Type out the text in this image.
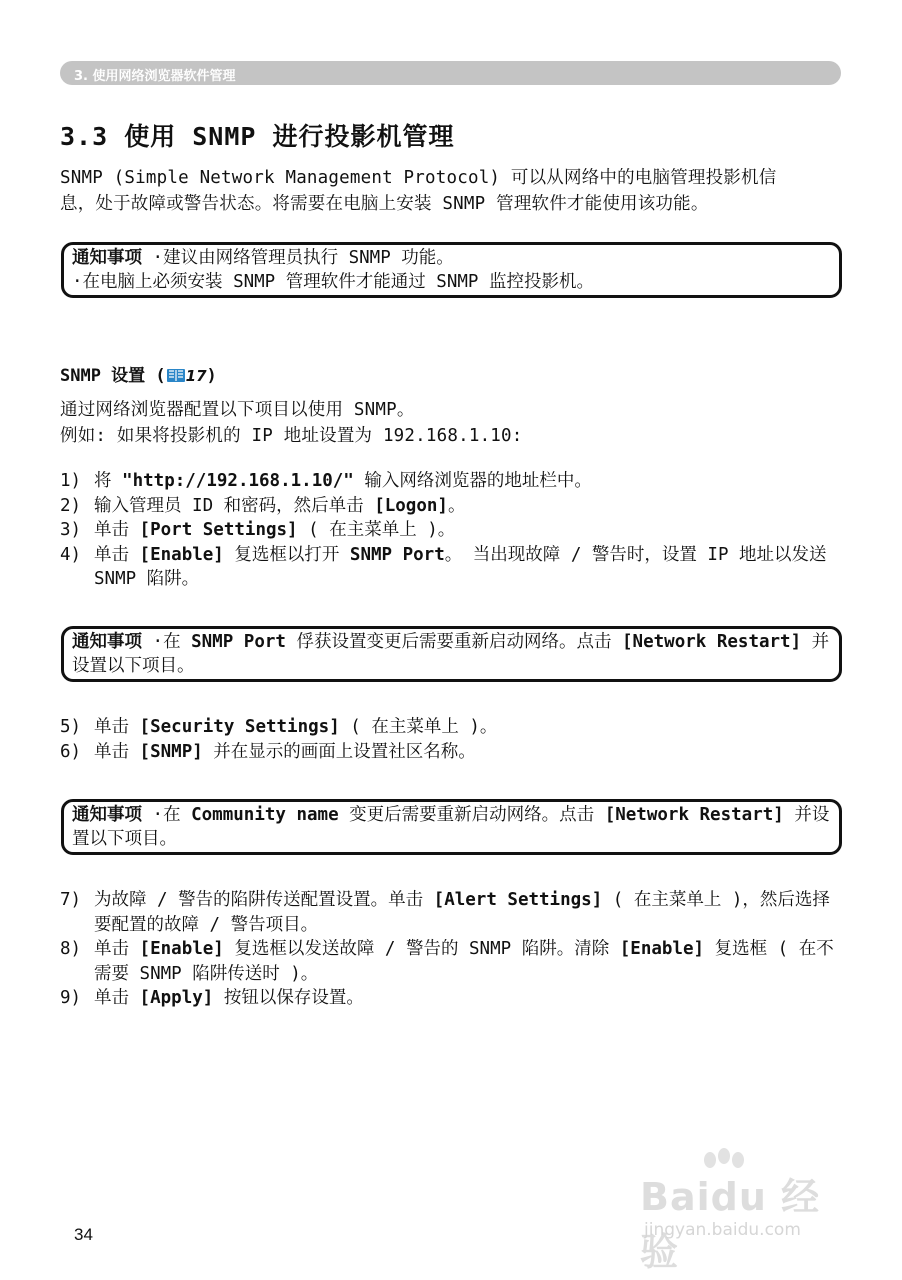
3. 使用网络浏览器软件管理
3.3 使用 SNMP 进行投影机管理
SNMP (Simple Network Management Protocol) 可以从网络中的电脑管理投影机信
息，处于故障或警告状态。将需要在电脑上安装 SNMP 管理软件才能使用该功能。
通知事项 ·建议由网络管理员执行 SNMP 功能。
·在电脑上必须安装 SNMP 管理软件才能通过 SNMP 监控投影机。
SNMP 设置 ( 17)
通过网络浏览器配置以下项目以使用 SNMP。
例如: 如果将投影机的 IP 地址设置为 192.168.1.10:
1) 将 "http://192.168.1.10/" 输入网络浏览器的地址栏中。
2) 输入管理员 ID 和密码，然后单击 [Logon]。
3) 单击 [Port Settings] ( 在主菜单上 )。
4) 单击 [Enable] 复选框以打开 SNMP Port。 当出现故障 / 警告时，设置 IP 地址以发送 SNMP 陷阱。
通知事项 ·在 SNMP Port 俘获设置变更后需要重新启动网络。点击 [Network Restart] 并设置以下项目。
5) 单击 [Security Settings] ( 在主菜单上 )。
6) 单击 [SNMP] 并在显示的画面上设置社区名称。
通知事项 ·在 Community name 变更后需要重新启动网络。点击 [Network Restart] 并设置以下项目。
7) 为故障 / 警告的陷阱传送配置设置。单击 [Alert Settings] ( 在主菜单上 )，然后选择要配置的故障 / 警告项目。
8) 单击 [Enable] 复选框以发送故障 / 警告的 SNMP 陷阱。清除 [Enable] 复选框 ( 在不需要 SNMP 陷阱传送时 )。
9) 单击 [Apply] 按钮以保存设置。
Baidu 经验
jingyan.baidu.com
34
